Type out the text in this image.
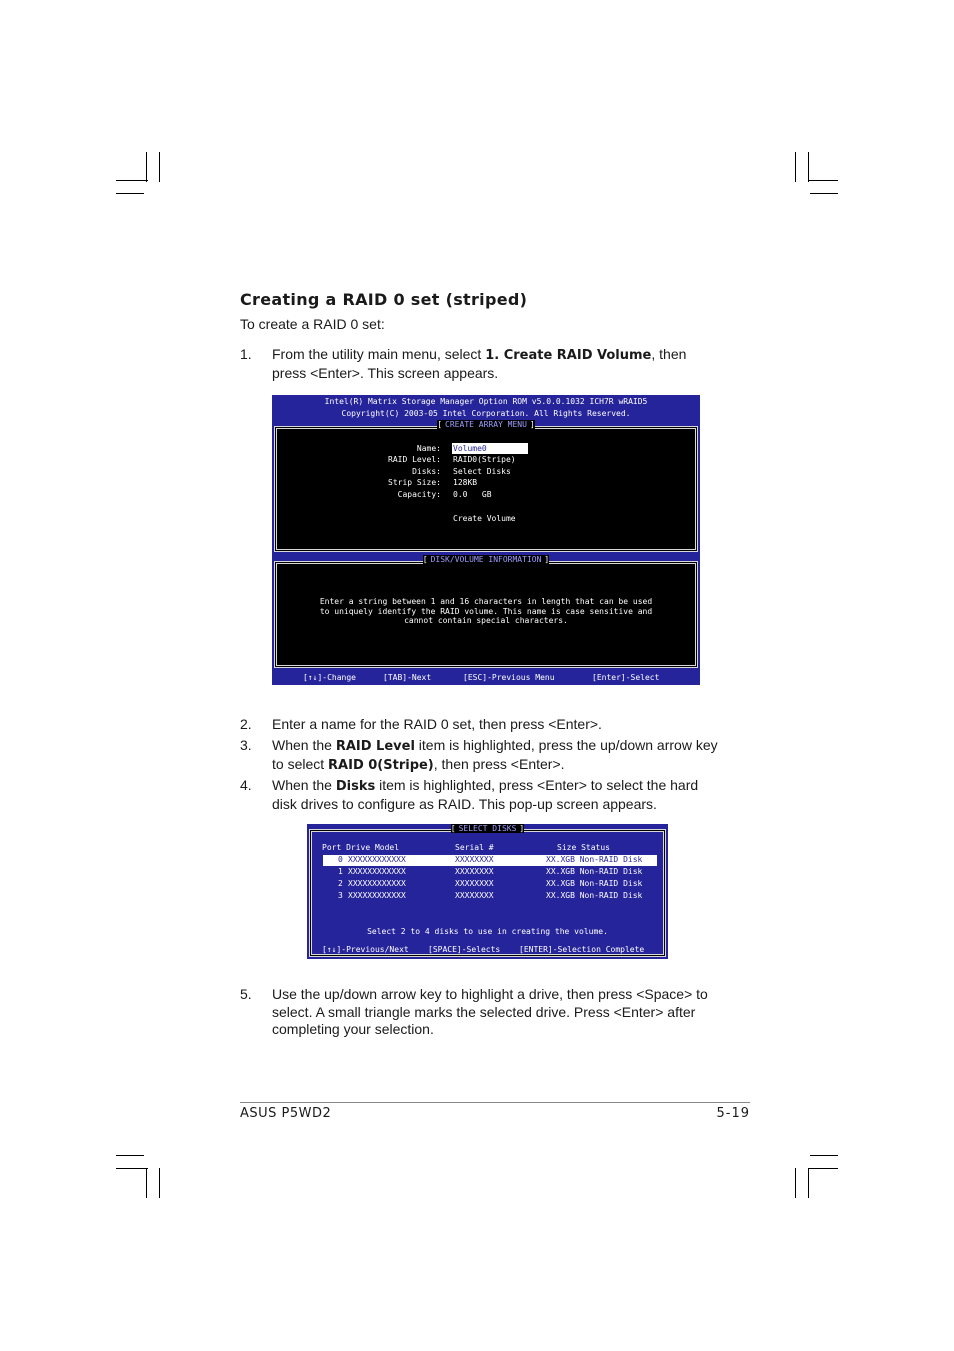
Creating a RAID 0 set (striped)
To create a RAID 0 set:
1. From the utility main menu, select 1. Create RAID Volume, then press <Enter>. This screen appears.
Intel(R) Matrix Storage Manager Option ROM v5.0.0.1032 ICH7R wRAID5
Copyright(C) 2003-05 Intel Corporation. All Rights Reserved.
[ CREATE ARRAY MENU ]
Name: Volume0
RAID Level: RAID0(Stripe)
Disks: Select Disks
Strip Size: 128KB
Capacity: 0.0   GB
Create Volume
[ DISK/VOLUME INFORMATION ]
Enter a string between 1 and 16 characters in length that can be used
to uniquely identify the RAID volume. This name is case sensitive and
cannot contain special characters.
[↑↓]-Change	[TAB]-Next	[ESC]-Previous Menu	[Enter]-Select
2. Enter a name for the RAID 0 set, then press <Enter>.
3. When the RAID Level item is highlighted, press the up/down arrow key to select RAID 0(Stripe), then press <Enter>.
4. When the Disks item is highlighted, press <Enter> to select the hard disk drives to configure as RAID. This pop-up screen appears.
[ SELECT DISKS ]
Port Drive Model	Serial #	Size Status
0 XXXXXXXXXXXX	XXXXXXXX	XX.XGB Non-RAID Disk
1 XXXXXXXXXXXX	XXXXXXXX	XX.XGB Non-RAID Disk
2 XXXXXXXXXXXX	XXXXXXXX	XX.XGB Non-RAID Disk
3 XXXXXXXXXXXX	XXXXXXXX	XX.XGB Non-RAID Disk
Select 2 to 4 disks to use in creating the volume.
[↑↓]-Previous/Next [SPACE]-Selects [ENTER]-Selection Complete
5. Use the up/down arrow key to highlight a drive, then press <Space> to select. A small triangle marks the selected drive. Press <Enter> after completing your selection.
ASUS P5WD2	5-19
